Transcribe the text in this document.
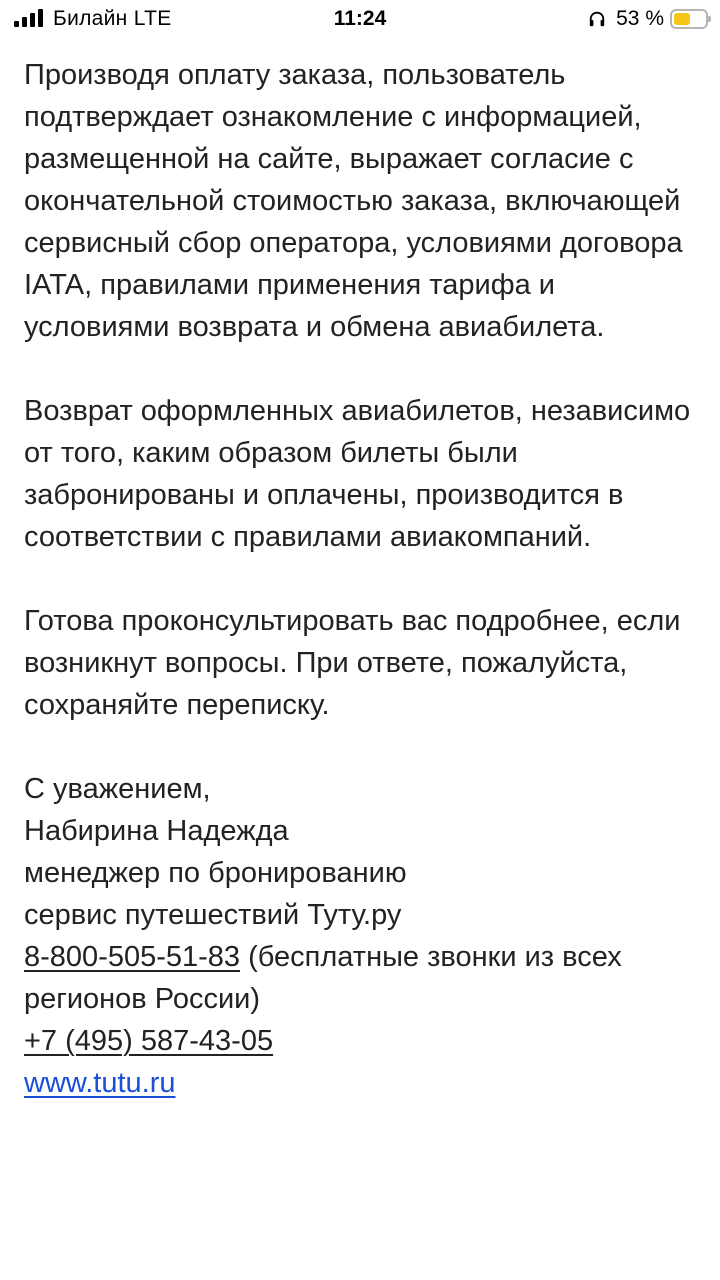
Билайн LTE	11:24	53 %

Производя оплату заказа, пользователь подтверждает ознакомление с информацией, размещенной на сайте, выражает согласие с окончательной стоимостью заказа, включающей сервисный сбор оператора, условиями договора IATA, правилами применения тарифа и условиями возврата и обмена авиабилета.

Возврат оформленных авиабилетов, независимо от того, каким образом билеты были забронированы и оплачены, производится в соответствии с правилами авиакомпаний.

Готова проконсультировать вас подробнее, если возникнут вопросы. При ответе, пожалуйста, сохраняйте переписку.

С уважением,
Набирина Надежда
менеджер по бронированию
сервис путешествий Туту.ру
8-800-505-51-83 (бесплатные звонки из всех регионов России)
+7 (495) 587-43-05
www.tutu.ru
